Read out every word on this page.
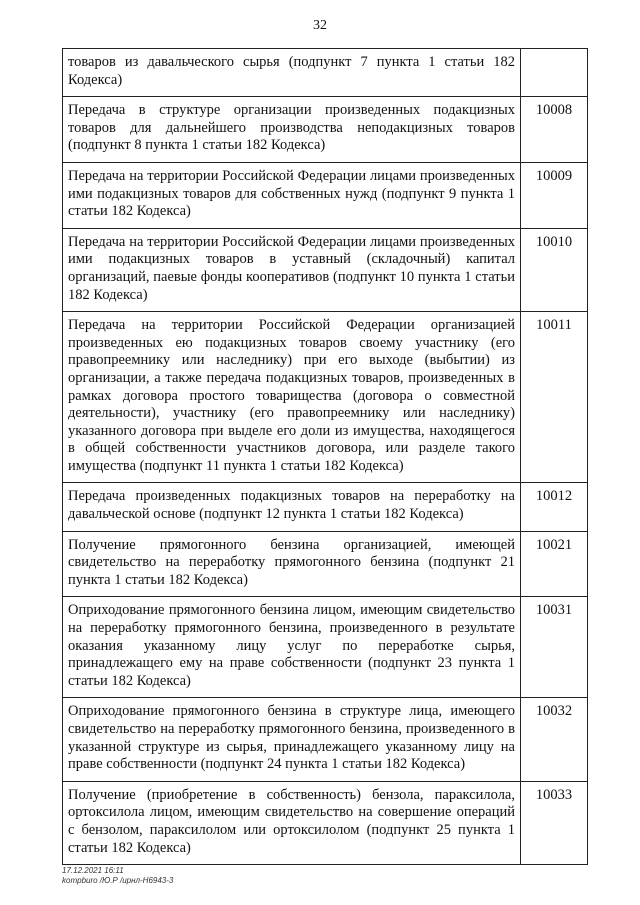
32
товаров из давальческого сырья (подпункт 7 пункта 1 статьи 182 Кодекса)	
Передача в структуре организации произведенных подакцизных товаров для дальнейшего производства неподакцизных товаров (подпункт 8 пункта 1 статьи 182 Кодекса)	10008
Передача на территории Российской Федерации лицами произведенных ими подакцизных товаров для собственных нужд (подпункт 9 пункта 1 статьи 182 Кодекса)	10009
Передача на территории Российской Федерации лицами произведенных ими подакцизных товаров в уставный (складочный) капитал организаций, паевые фонды кооперативов (подпункт 10 пункта 1 статьи 182 Кодекса)	10010
Передача на территории Российской Федерации организацией произведенных ею подакцизных товаров своему участнику (его правопреемнику или наследнику) при его выходе (выбытии) из организации, а также передача подакцизных товаров, произведенных в рамках договора простого товарищества (договора о совместной деятельности), участнику (его правопреемнику или наследнику) указанного договора при выделе его доли из имущества, находящегося в общей собственности участников договора, или разделе такого имущества (подпункт 11 пункта 1 статьи 182 Кодекса)	10011
Передача произведенных подакцизных товаров на переработку на давальческой основе (подпункт 12 пункта 1 статьи 182 Кодекса)	10012
Получение прямогонного бензина организацией, имеющей свидетельство на переработку прямогонного бензина (подпункт 21 пункта 1 статьи 182 Кодекса)	10021
Оприходование прямогонного бензина лицом, имеющим свидетельство на переработку прямогонного бензина, произведенного в результате оказания указанному лицу услуг по переработке сырья, принадлежащего ему на праве собственности (подпункт 23 пункта 1 статьи 182 Кодекса)	10031
Оприходование прямогонного бензина в структуре лица, имеющего свидетельство на переработку прямогонного бензина, произведенного в указанной структуре из сырья, принадлежащего указанному лицу на праве собственности (подпункт 24 пункта 1 статьи 182 Кодекса)	10032
Получение (приобретение в собственность) бензола, параксилола, ортоксилола лицом, имеющим свидетельство на совершение операций с бензолом, параксилолом или ортоксилолом (подпункт 25 пункта 1 статьи 182 Кодекса)	10033
17.12.2021 16:11
kompburo /Ю.Р /ирнл-Н6943-3
